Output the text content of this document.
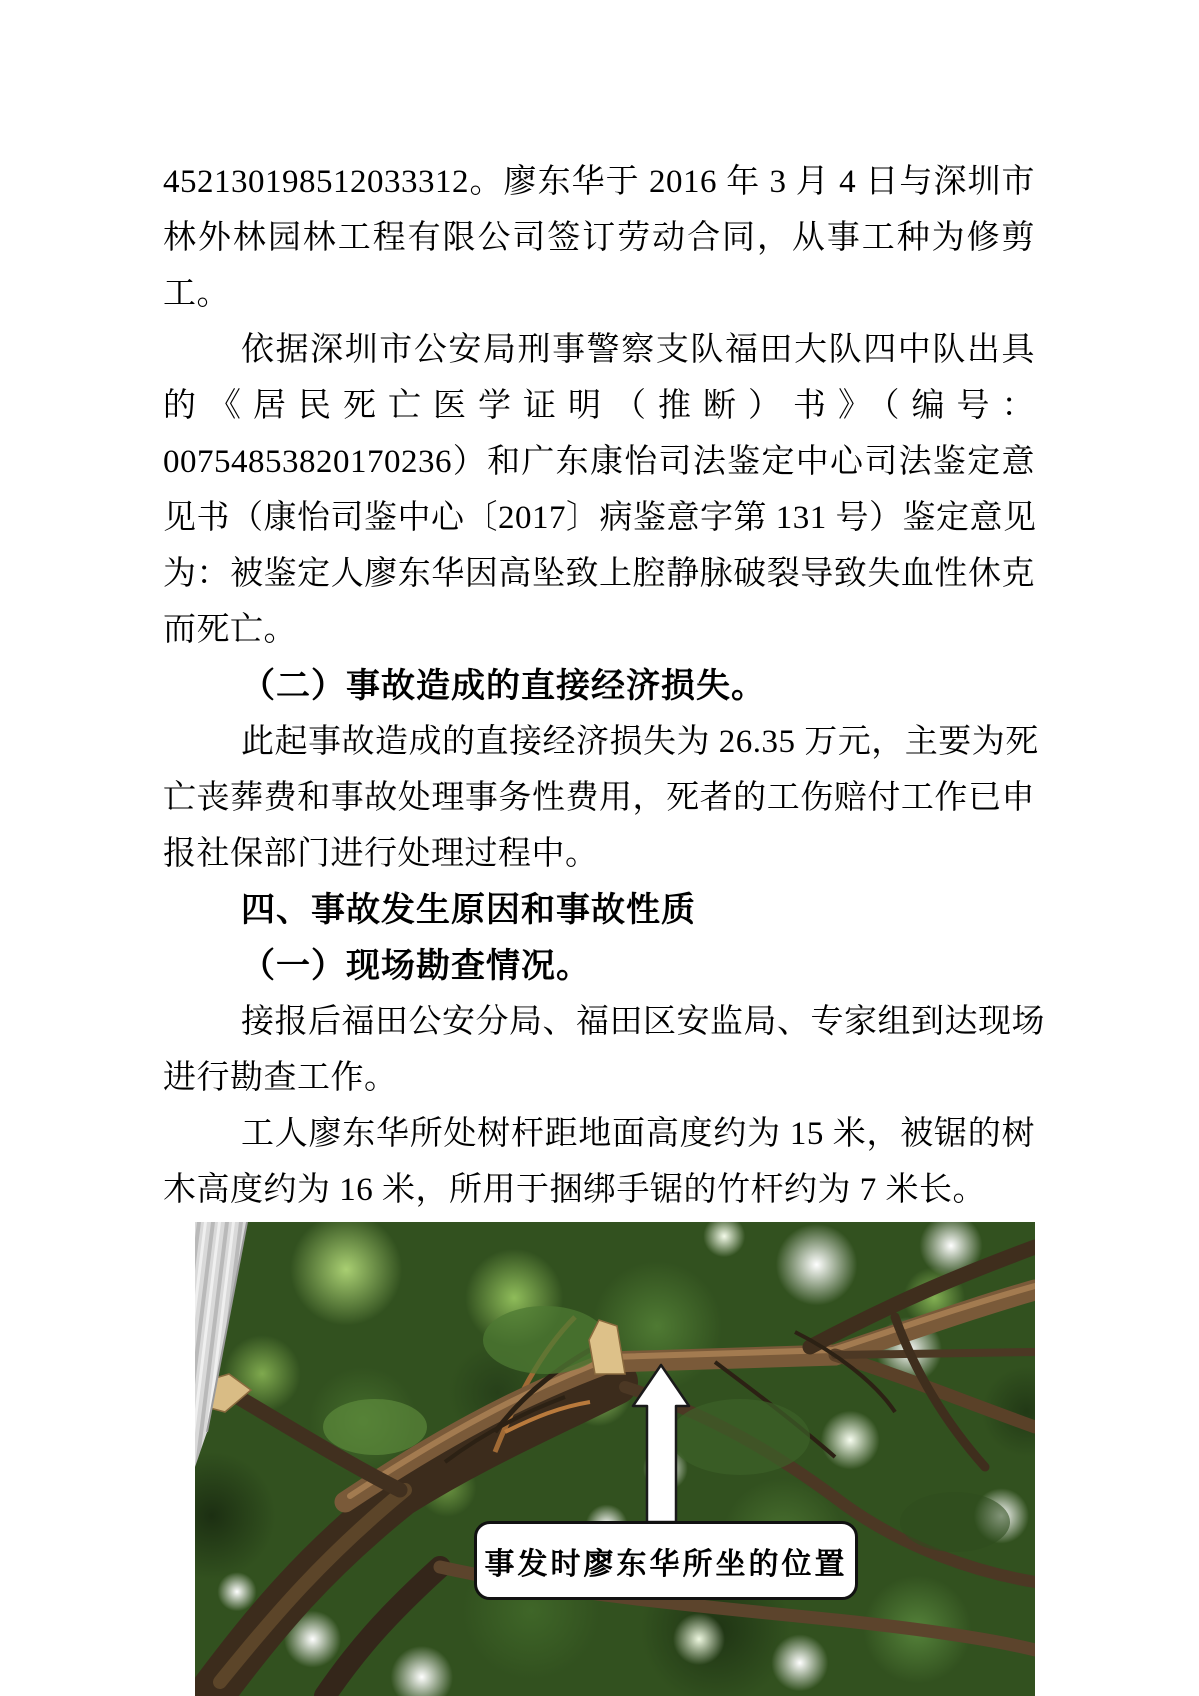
452130198512033312。廖东华于 2016 年 3 月 4 日与深圳市
林外林园林工程有限公司签订劳动合同，从事工种为修剪
工。
依据深圳市公安局刑事警察支队福田大队四中队出具
的《居民死亡医学证明（推断）书》（编号：
00754853820170236）和广东康怡司法鉴定中心司法鉴定意
见书（康怡司鉴中心〔2017〕病鉴意字第 131 号）鉴定意见
为：被鉴定人廖东华因高坠致上腔静脉破裂导致失血性休克
而死亡。
（二）事故造成的直接经济损失。
此起事故造成的直接经济损失为 26.35 万元，主要为死
亡丧葬费和事故处理事务性费用，死者的工伤赔付工作已申
报社保部门进行处理过程中。
四、事故发生原因和事故性质
（一）现场勘查情况。
接报后福田公安分局、福田区安监局、专家组到达现场
进行勘查工作。
工人廖东华所处树杆距地面高度约为 15 米，被锯的树
木高度约为 16 米，所用于捆绑手锯的竹杆约为 7 米长。
事发时廖东华所坐的位置
